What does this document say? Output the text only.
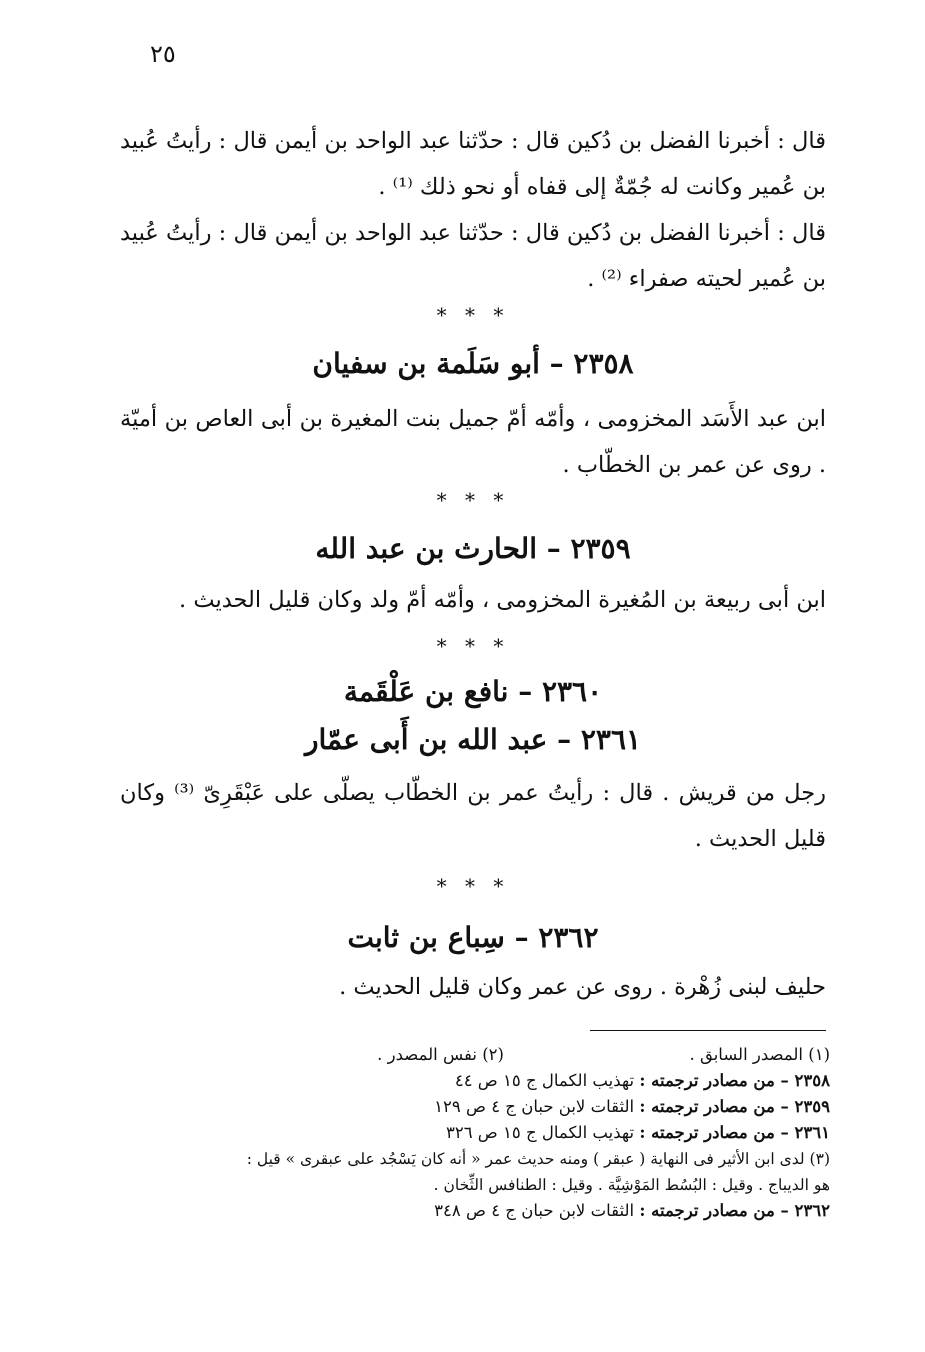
٢٥

قال : أخبرنا الفضل بن دُكين قال : حدّثنا عبد الواحد بن أيمن قال : رأيتُ عُبيد بن عُمير وكانت له جُمّةٌ إلى قفاه أو نحو ذلك ⁽¹⁾ .

قال : أخبرنا الفضل بن دُكين قال : حدّثنا عبد الواحد بن أيمن قال : رأيتُ عُبيد بن عُمير لحيته صفراء ⁽²⁾ .

* * *

٢٣٥٨ – أبو سَلَمة بن سفيان

ابن عبد الأَسَد المخزومى ، وأمّه أمّ جميل بنت المغيرة بن أبى العاص بن أميّة . روى عن عمر بن الخطّاب .

* * *

٢٣٥٩ – الحارث بن عبد الله

ابن أبى ربيعة بن المُغيرة المخزومى ، وأمّه أمّ ولد وكان قليل الحديث .

* * *

٢٣٦٠ – نافع بن عَلْقَمة

٢٣٦١ – عبد الله بن أَبى عمّار

رجل من قريش . قال : رأيتُ عمر بن الخطّاب يصلّى على عَبْقَرِىّ ⁽³⁾ وكان قليل الحديث .

* * *

٢٣٦٢ – سِباع بن ثابت

حليف لبنى زُهْرة . روى عن عمر وكان قليل الحديث .

(١) المصدر السابق .  (٢) نفس المصدر .
٢٣٥٨ – من مصادر ترجمته : تهذيب الكمال ج ١٥ ص ٤٤
٢٣٥٩ – من مصادر ترجمته : الثقات لابن حبان ج ٤ ص ١٢٩
٢٣٦١ – من مصادر ترجمته : تهذيب الكمال ج ١٥ ص ٣٢٦
(٣) لدى ابن الأثير فى النهاية ( عبقر ) ومنه حديث عمر « أنه كان يَسْجُد على عبقرى » قيل :
هو الديباج . وقيل : البُسُط المَوْشِيَّة . وقيل : الطنافس الثِّخان .
٢٣٦٢ – من مصادر ترجمته : الثقات لابن حبان ج ٤ ص ٣٤٨
